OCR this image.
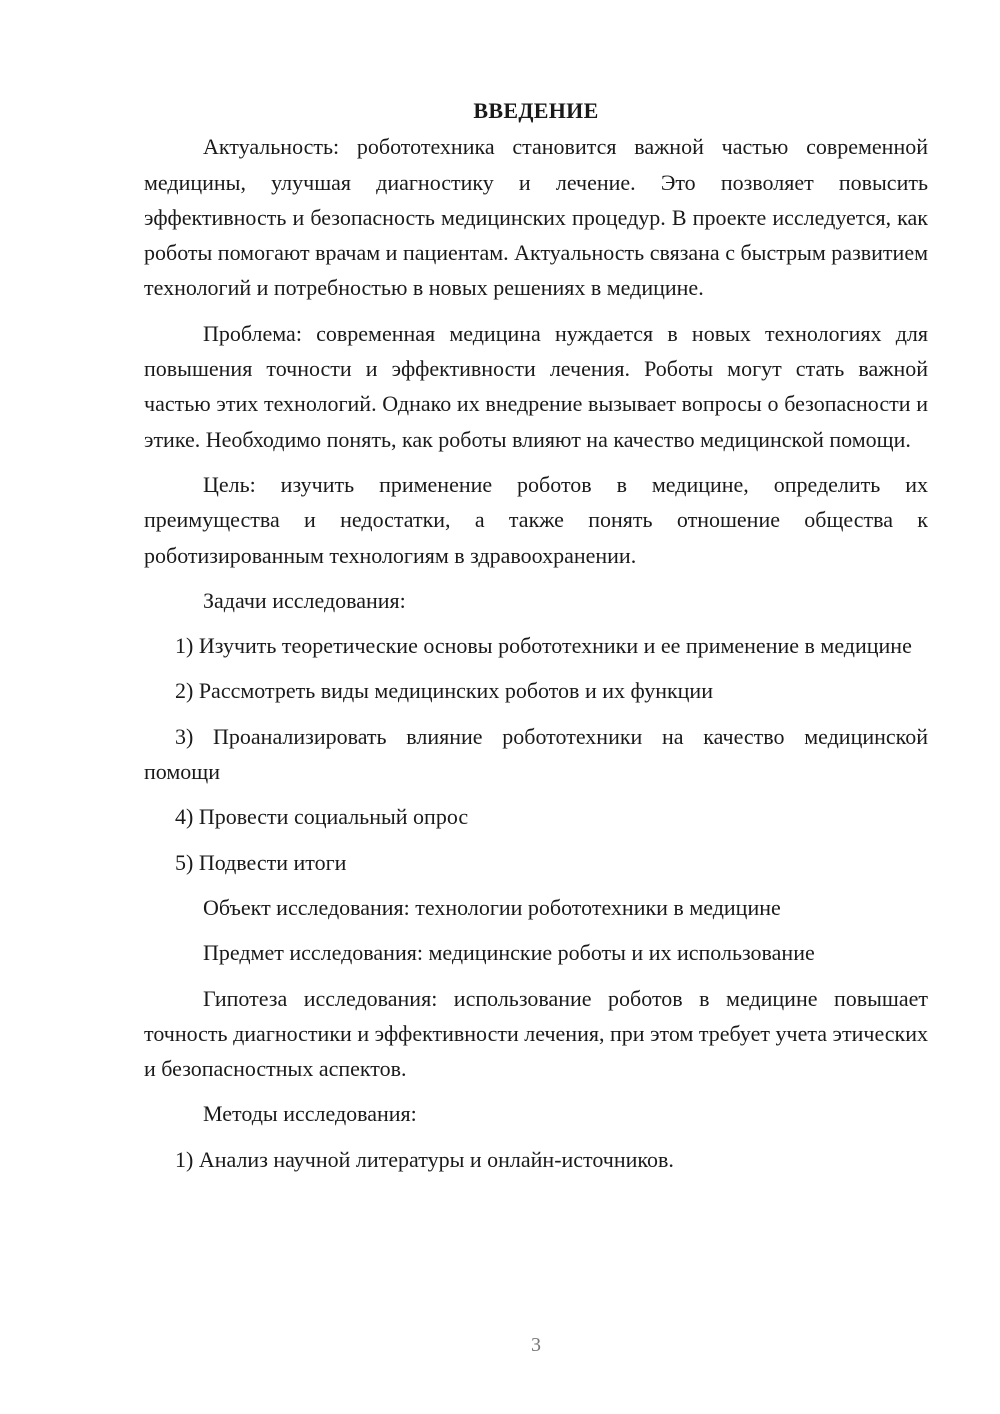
ВВЕДЕНИЕ

Актуальность: робототехника становится важной частью современной медицины, улучшая диагностику и лечение. Это позволяет повысить эффективность и безопасность медицинских процедур. В проекте исследуется, как роботы помогают врачам и пациентам. Актуальность связана с быстрым развитием технологий и потребностью в новых решениях в медицине.

Проблема: современная медицина нуждается в новых технологиях для повышения точности и эффективности лечения. Роботы могут стать важной частью этих технологий. Однако их внедрение вызывает вопросы о безопасности и этике. Необходимо понять, как роботы влияют на качество медицинской помощи.

Цель: изучить применение роботов в медицине, определить их преимущества и недостатки, а также понять отношение общества к роботизированным технологиям в здравоохранении.

Задачи исследования:

1) Изучить теоретические основы робототехники и ее применение в медицине

2) Рассмотреть виды медицинских роботов и их функции

3) Проанализировать влияние робототехники на качество медицинской помощи

4) Провести социальный опрос

5) Подвести итоги

Объект исследования: технологии робототехники в медицине

Предмет исследования: медицинские роботы и их использование

Гипотеза исследования: использование роботов в медицине повышает точность диагностики и эффективности лечения, при этом требует учета этических и безопасностных аспектов.

Методы исследования:

1) Анализ научной литературы и онлайн-источников.

3
